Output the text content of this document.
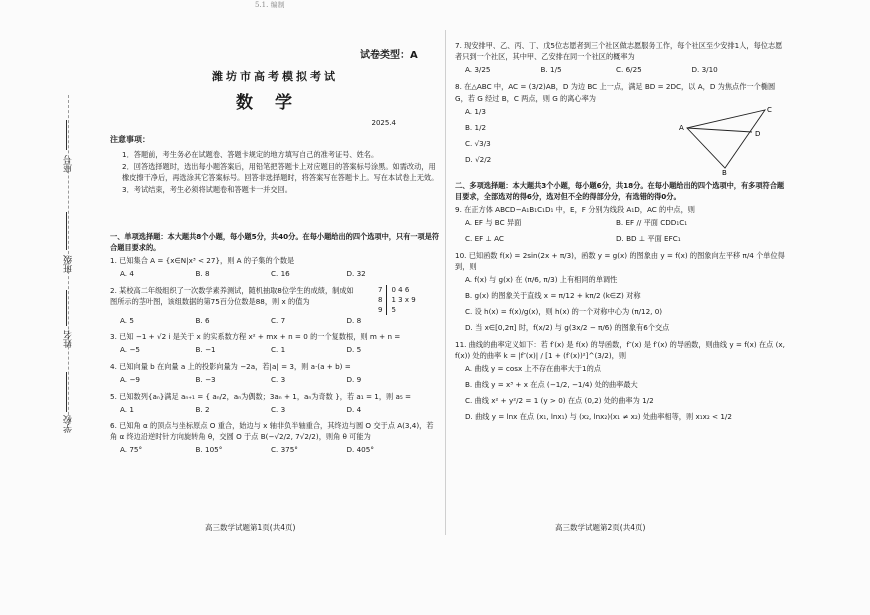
5.1. 编制
座号
班级
姓名
学校
试卷类型：A
潍坊市高考模拟考试
数学
2025.4
注意事项：

1．答题前，考生务必在试题卷、答题卡规定的地方填写自己的准考证号、姓名。

2．回答选择题时，选出每小题答案后，用铅笔把答题卡上对应题目的答案标号涂黑。如需改动，用橡皮擦干净后，再选涂其它答案标号。回答非选择题时，将答案写在答题卡上。写在本试卷上无效。

3．考试结束，考生必须将试题卷和答题卡一并交回。

一、单项选择题：本大题共8个小题，每小题5分，共40分。在每小题给出的四个选项中，只有一项是符合题目要求的。
1. 已知集合 A = {x∈N|x³ < 27}，则 A 的子集的个数是
A. 4	B. 8	C. 16	D. 32
2. 某校高二年级组织了一次数学素养测试，随机抽取8位学生的成绩，制成如图所示的茎叶图，该组数据的第75百分位数是88，则 x 的值为
7	0 4 6
8	1 3 x 9
9	5
A. 5	B. 6	C. 7	D. 8
3. 已知 −1 + √2 i 是关于 x 的实系数方程 x² + mx + n = 0 的一个复数根，则 m + n =
A. −5	B. −1	C. 1	D. 5
4. 已知向量 b 在向量 a 上的投影向量为 −2a，若|a| = 3，则 a·(a + b) =
A. −9	B. −3	C. 3	D. 9
5. 已知数列{aₙ}满足 aₙ₊₁ = { aₙ/2，aₙ为偶数；3aₙ + 1，aₙ为奇数 }，若 a₁ = 1，则 a₅ =
A. 1	B. 2	C. 3	D. 4
6. 已知角 α 的顶点与坐标原点 O 重合，始边与 x 轴非负半轴重合，其终边与圆 O 交于点 A(3,4)，若角 α 终边沿逆时针方向旋转角 θ，交圆 O 于点 B(−√2/2, 7√2/2)，则角 θ 可能为
A. 75°	B. 105°	C. 375°	D. 405°
7. 现安排甲、乙、丙、丁、戊5位志愿者到三个社区做志愿服务工作，每个社区至少安排1人，每位志愿者只到一个社区，其中甲、乙安排在同一个社区的概率为
A. 3/25	B. 1/5	C. 6/25	D. 3/10
8. 在△ABC 中，AC = (3/2)AB，D 为边 BC 上一点，满足 BD = 2DC，以 A，D 为焦点作一个椭圆 G，若 G 经过 B，C 两点，则 G 的离心率为
A. 1/3
B. 1/2
C. √3/3
D. √2/2
A
B
C
D
二、多项选择题：本大题共3个小题，每小题6分，共18分。在每小题给出的四个选项中，有多项符合题目要求，全部选对的得6分，选对但不全的得部分分，有选错的得0分。
9. 在正方体 ABCD−A₁B₁C₁D₁ 中，E，F 分别为线段 A₁D，AC 的中点，则
A. EF 与 BC 异面	B. EF // 平面 CDD₁C₁
C. EF ⊥ AC	D. BD ⊥ 平面 EFC₁
10. 已知函数 f(x) = 2sin(2x + π/3)，函数 y = g(x) 的图象由 y = f(x) 的图象向左平移 π/4 个单位得到，则
A. f(x) 与 g(x) 在 (π/6, π/3) 上有相同的单调性
B. g(x) 的图象关于直线 x = π/12 + kπ/2 (k∈Z) 对称
C. 设 h(x) = f(x)/g(x)，则 h(x) 的一个对称中心为 (π/12, 0)
D. 当 x∈[0,2π] 时，f(x/2) 与 g(3x/2 − π/6) 的图象有6个交点
11. 曲线的曲率定义如下：若 f′(x) 是 f(x) 的导函数，f″(x) 是 f′(x) 的导函数，则曲线 y = f(x) 在点 (x, f(x)) 处的曲率 k = |f″(x)| / [1 + (f′(x))²]^(3/2)，则
A. 曲线 y = cosx 上不存在曲率大于1的点
B. 曲线 y = x³ + x 在点 (−1/2, −1/4) 处的曲率最大
C. 曲线 x² + y²/2 = 1 (y > 0) 在点 (0,2) 处的曲率为 1/2
D. 曲线 y = lnx 在点 (x₁, lnx₁) 与 (x₂, lnx₂)(x₁ ≠ x₂) 处曲率相等，则 x₁x₂ < 1/2
高三数学试题第1页(共4页)	高三数学试题第2页(共4页)
